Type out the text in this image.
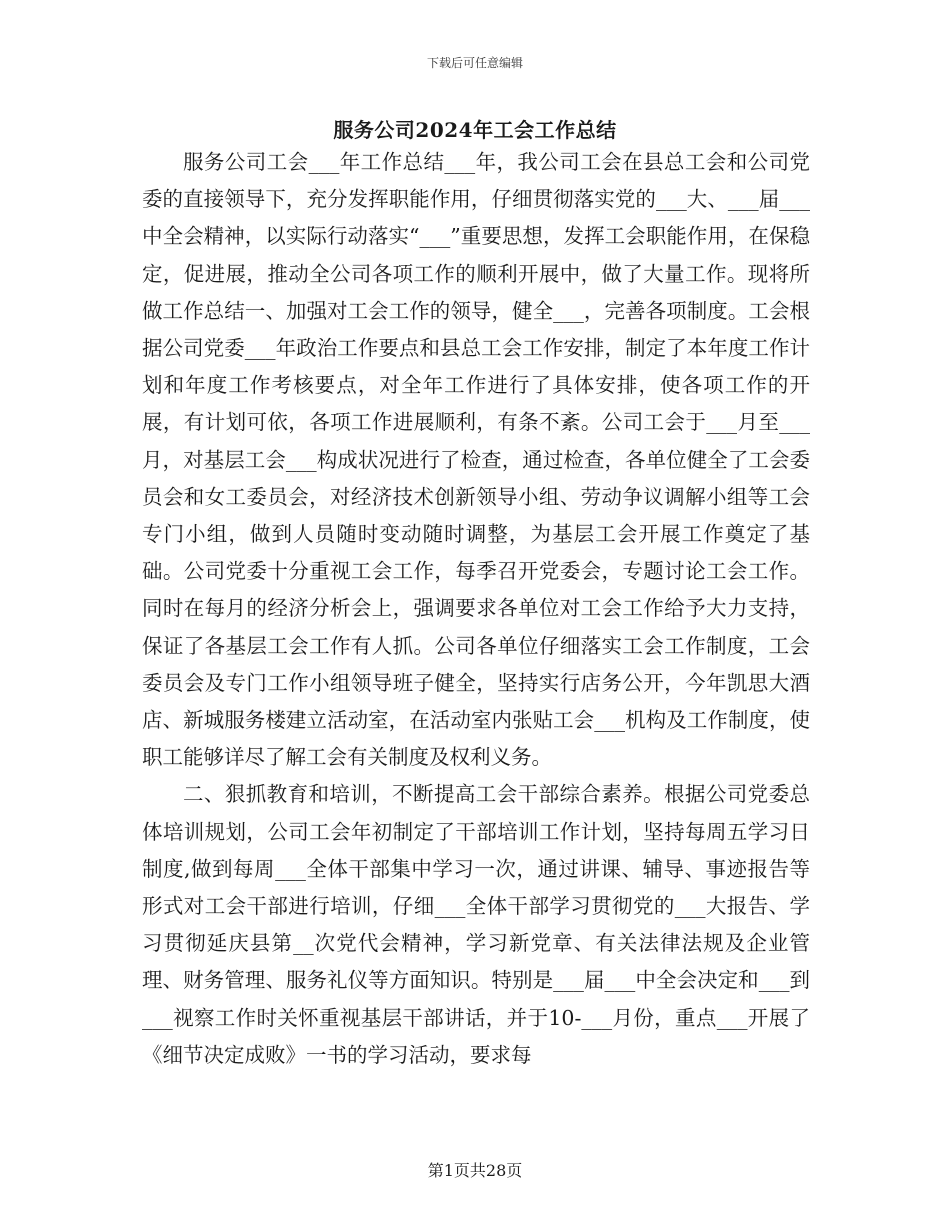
下载后可任意编辑
服务公司2024年工会工作总结

服务公司工会___年工作总结___年，我公司工会在县总工会和公司党委的直接领导下，充分发挥职能作用，仔细贯彻落实党的___大、___届___中全会精神，以实际行动落实“___”重要思想，发挥工会职能作用，在保稳定，促进展，推动全公司各项工作的顺利开展中，做了大量工作。现将所做工作总结一、加强对工会工作的领导，健全___，完善各项制度。工会根据公司党委___年政治工作要点和县总工会工作安排，制定了本年度工作计划和年度工作考核要点，对全年工作进行了具体安排，使各项工作的开展，有计划可依，各项工作进展顺利，有条不紊。公司工会于___月至___月，对基层工会___构成状况进行了检查，通过检查，各单位健全了工会委员会和女工委员会，对经济技术创新领导小组、劳动争议调解小组等工会专门小组，做到人员随时变动随时调整，为基层工会开展工作奠定了基础。公司党委十分重视工会工作，每季召开党委会，专题讨论工会工作。同时在每月的经济分析会上，强调要求各单位对工会工作给予大力支持，保证了各基层工会工作有人抓。公司各单位仔细落实工会工作制度，工会委员会及专门工作小组领导班子健全，坚持实行店务公开，今年凯思大酒店、新城服务楼建立活动室，在活动室内张贴工会___机构及工作制度，使职工能够详尽了解工会有关制度及权利义务。

二、狠抓教育和培训，不断提高工会干部综合素养。根据公司党委总体培训规划，公司工会年初制定了干部培训工作计划，坚持每周五学习日制度,做到每周___全体干部集中学习一次，通过讲课、辅导、事迹报告等形式对工会干部进行培训，仔细___全体干部学习贯彻党的___大报告、学习贯彻延庆县第__次党代会精神，学习新党章、有关法律法规及企业管理、财务管理、服务礼仪等方面知识。特别是___届___中全会决定和___到___视察工作时关怀重视基层干部讲话，并于10-___月份，重点___开展了《细节决定成败》一书的学习活动，要求每

第1页共28页
